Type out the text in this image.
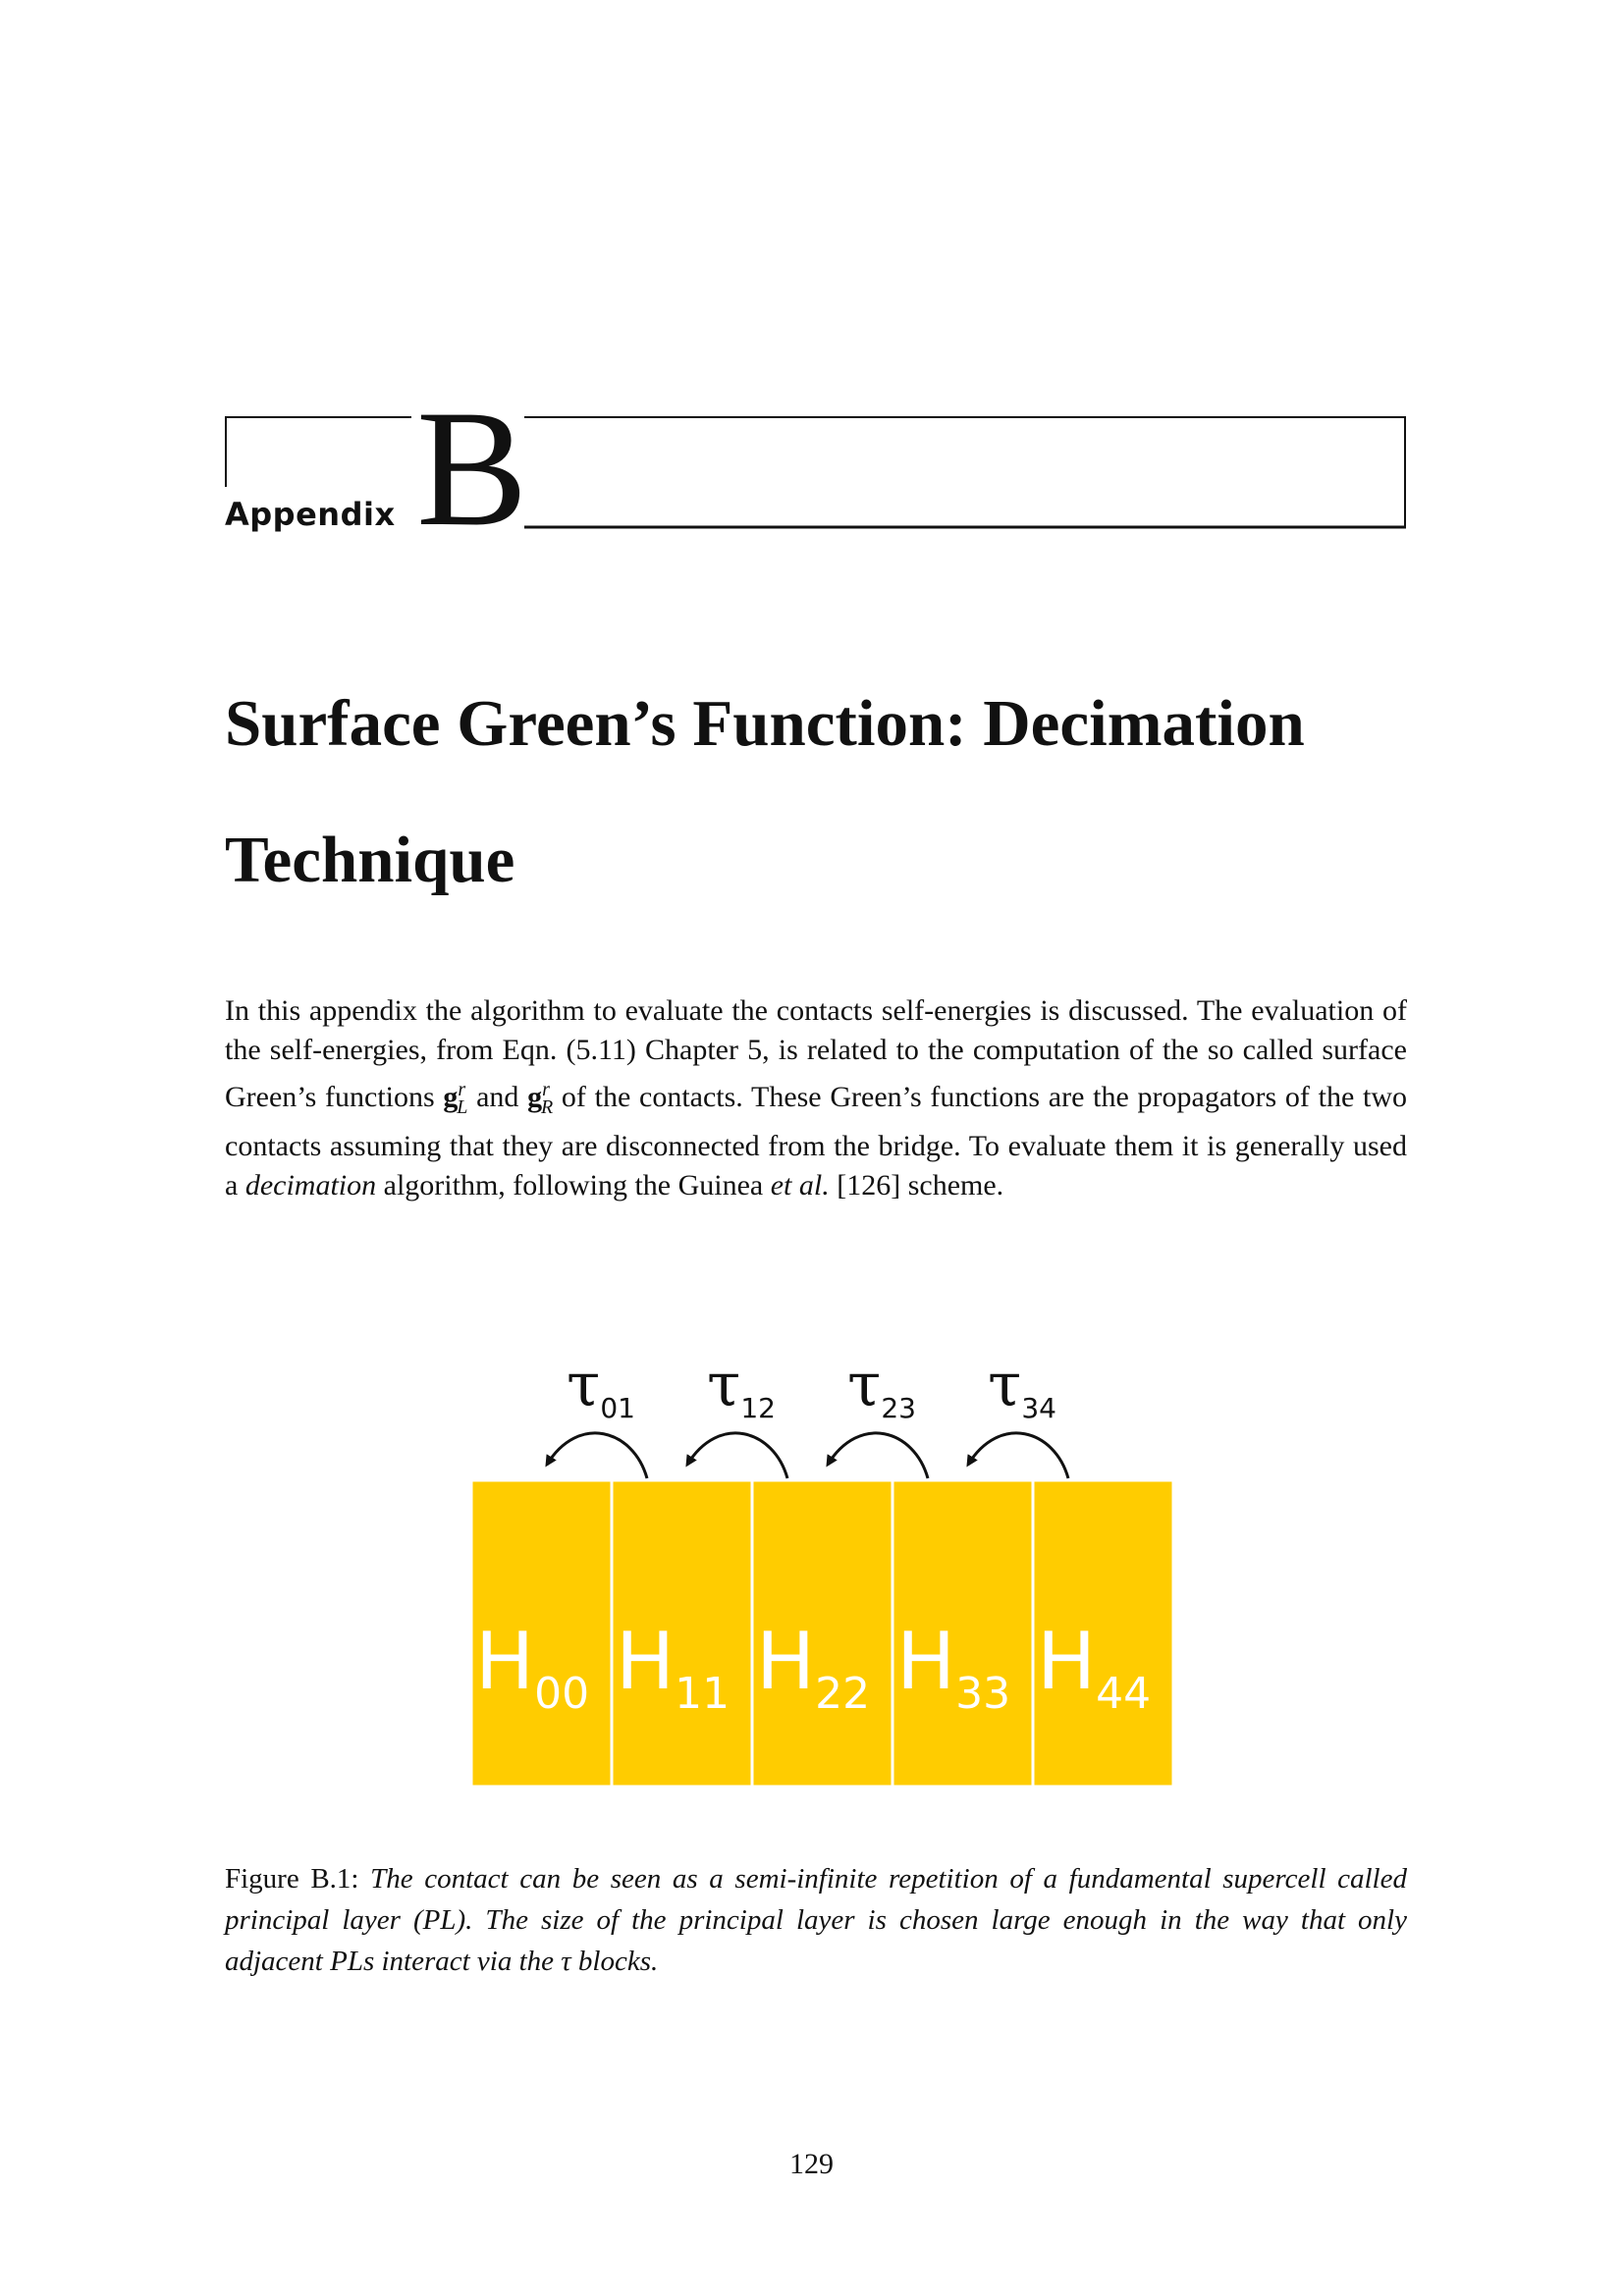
Appendix B
Surface Green’s Function: Decimation Technique

In this appendix the algorithm to evaluate the contacts self-energies is discussed. The evaluation of the self-energies, from Eqn. (5.11) Chapter 5, is related to the computation of the so called surface Green’s functions $g^r_L$ and $g^r_R$ of the contacts. These Green’s functions are the propagators of the two contacts assuming that they are disconnected from the bridge. To evaluate them it is generally used a decimation algorithm, following the Guinea et al. [126] scheme.

H00 H11 H22 H33 H44
τ01 τ12 τ23 τ34

Figure B.1: The contact can be seen as a semi-infinite repetition of a fundamental supercell called principal layer (PL). The size of the principal layer is chosen large enough in the way that only adjacent PLs interact via the τ blocks.

129
